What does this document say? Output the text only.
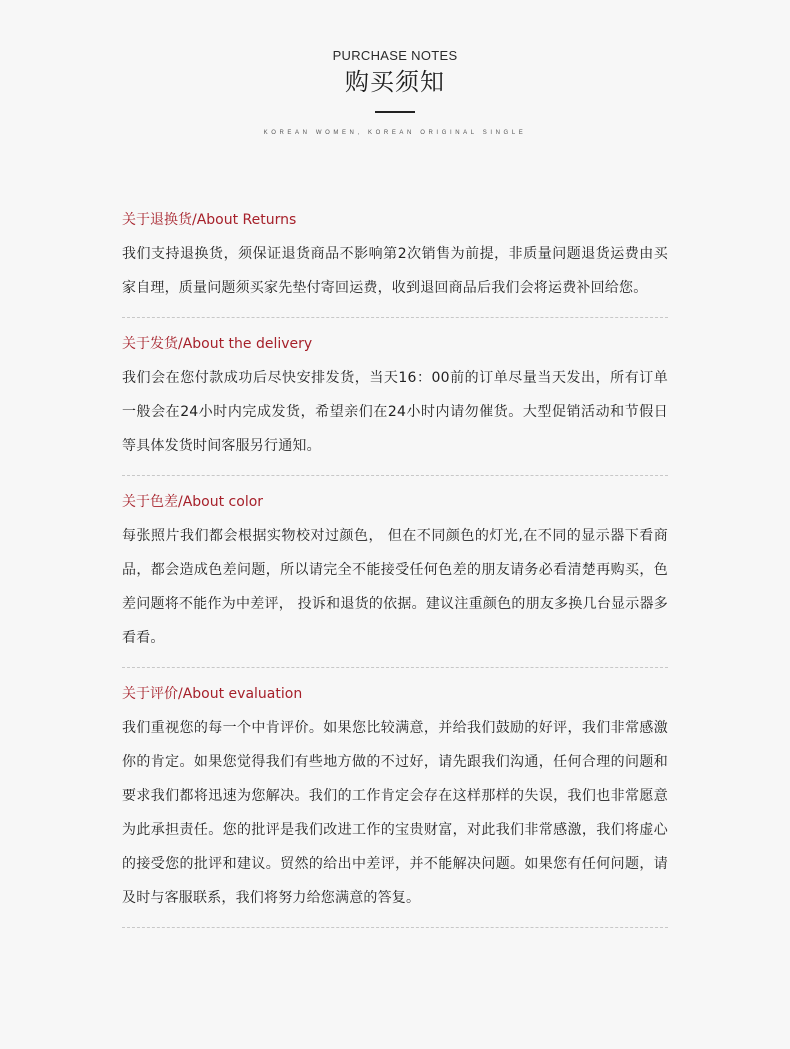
PURCHASE NOTES
购买须知
KOREAN WOMEN, KOREAN ORIGINAL SINGLE
关于退换货/About Returns
我们支持退换货，须保证退货商品不影响第2次销售为前提，非质量问题退货运费由买家自理，质量问题须买家先垫付寄回运费，收到退回商品后我们会将运费补回给您。
关于发货/About the delivery
我们会在您付款成功后尽快安排发货，当天16：00前的订单尽量当天发出，所有订单一般会在24小时内完成发货，希望亲们在24小时内请勿催货。大型促销活动和节假日等具体发货时间客服另行通知。
关于色差/About color
每张照片我们都会根据实物校对过颜色， 但在不同颜色的灯光,在不同的显示器下看商品，都会造成色差问题，所以请完全不能接受任何色差的朋友请务必看清楚再购买，色差问题将不能作为中差评， 投诉和退货的依据。建议注重颜色的朋友多换几台显示器多看看。
关于评价/About evaluation
我们重视您的每一个中肯评价。如果您比较满意，并给我们鼓励的好评，我们非常感激你的肯定。如果您觉得我们有些地方做的不过好，请先跟我们沟通，任何合理的问题和要求我们都将迅速为您解决。我们的工作肯定会存在这样那样的失误，我们也非常愿意为此承担责任。您的批评是我们改进工作的宝贵财富，对此我们非常感激，我们将虚心的接受您的批评和建议。贸然的给出中差评，并不能解决问题。如果您有任何问题，请及时与客服联系，我们将努力给您满意的答复。
